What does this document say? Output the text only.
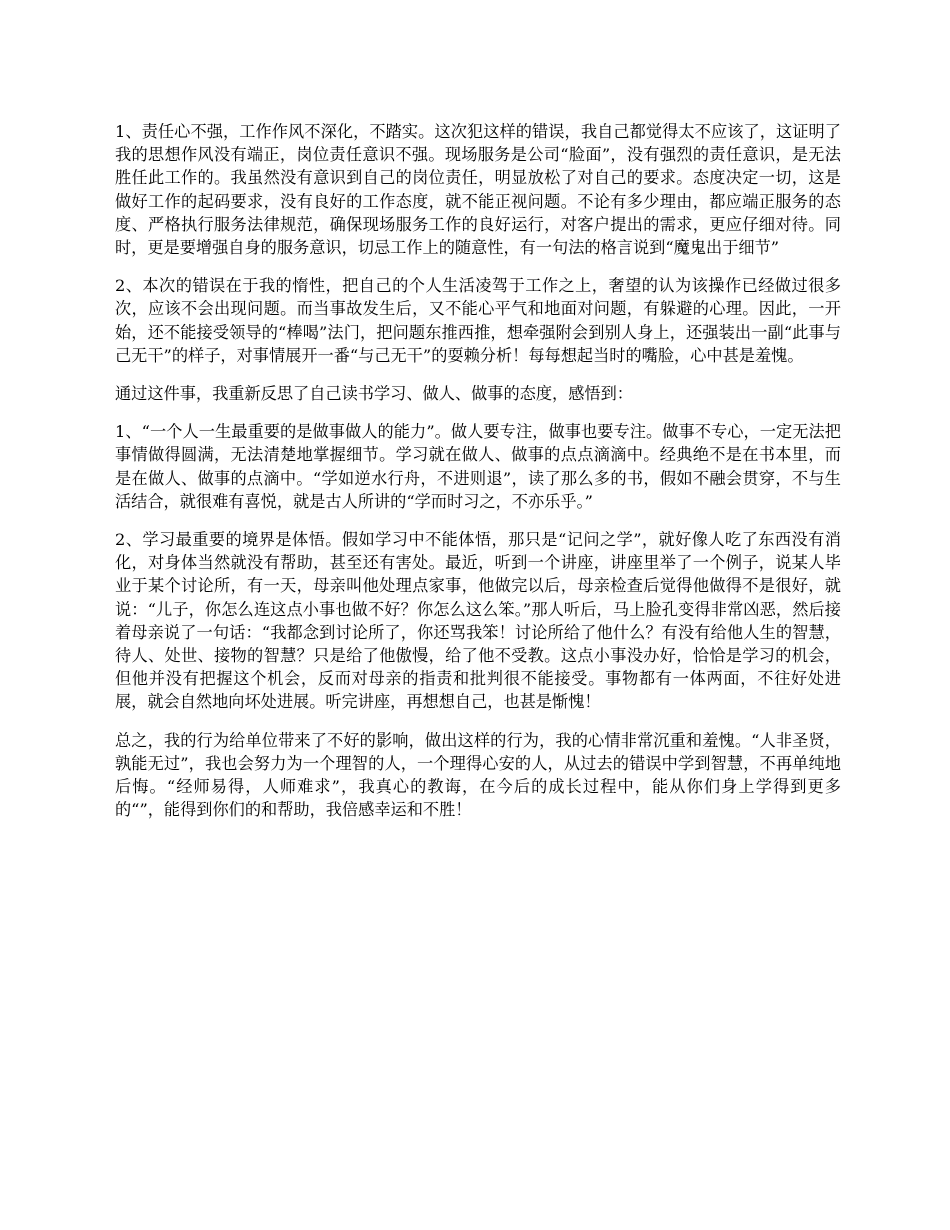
1、责任心不强，工作作风不深化，不踏实。这次犯这样的错误，我自己都觉得太不应该了，这证明了我的思想作风没有端正，岗位责任意识不强。现场服务是公司“脸面”，没有强烈的责任意识，是无法胜任此工作的。我虽然没有意识到自己的岗位责任，明显放松了对自己的要求。态度决定一切，这是做好工作的起码要求，没有良好的工作态度，就不能正视问题。不论有多少理由，都应端正服务的态度、严格执行服务法律规范，确保现场服务工作的良好运行，对客户提出的需求，更应仔细对待。同时，更是要增强自身的服务意识，切忌工作上的随意性，有一句法的格言说到“魔鬼出于细节”

2、本次的错误在于我的惰性，把自己的个人生活凌驾于工作之上，奢望的认为该操作已经做过很多次，应该不会出现问题。而当事故发生后，又不能心平气和地面对问题，有躲避的心理。因此，一开始，还不能接受领导的“棒喝”法门，把问题东推西推，想牵强附会到别人身上，还强装出一副“此事与己无干”的样子，对事情展开一番“与己无干”的耍赖分析！每每想起当时的嘴脸，心中甚是羞愧。

通过这件事，我重新反思了自己读书学习、做人、做事的态度，感悟到：

1、“一个人一生最重要的是做事做人的能力”。做人要专注，做事也要专注。做事不专心，一定无法把事情做得圆满，无法清楚地掌握细节。学习就在做人、做事的点点滴滴中。经典绝不是在书本里，而是在做人、做事的点滴中。“学如逆水行舟，不进则退”，读了那么多的书，假如不融会贯穿，不与生活结合，就很难有喜悦，就是古人所讲的“学而时习之，不亦乐乎。”

2、学习最重要的境界是体悟。假如学习中不能体悟，那只是“记问之学”，就好像人吃了东西没有消化，对身体当然就没有帮助，甚至还有害处。最近，听到一个讲座，讲座里举了一个例子，说某人毕业于某个讨论所，有一天，母亲叫他处理点家事，他做完以后，母亲检查后觉得他做得不是很好，就说：“儿子，你怎么连这点小事也做不好？你怎么这么笨。”那人听后，马上脸孔变得非常凶恶，然后接着母亲说了一句话：“我都念到讨论所了，你还骂我笨！讨论所给了他什么？有没有给他人生的智慧，待人、处世、接物的智慧？只是给了他傲慢，给了他不受教。这点小事没办好，恰恰是学习的机会，但他并没有把握这个机会，反而对母亲的指责和批判很不能接受。事物都有一体两面，不往好处进展，就会自然地向坏处进展。听完讲座，再想想自己，也甚是惭愧！

总之，我的行为给单位带来了不好的影响，做出这样的行为，我的心情非常沉重和羞愧。“人非圣贤，孰能无过”，我也会努力为一个理智的人，一个理得心安的人，从过去的错误中学到智慧，不再单纯地后悔。“经师易得，人师难求”，我真心的教诲，在今后的成长过程中，能从你们身上学得到更多的“”，能得到你们的和帮助，我倍感幸运和不胜！
